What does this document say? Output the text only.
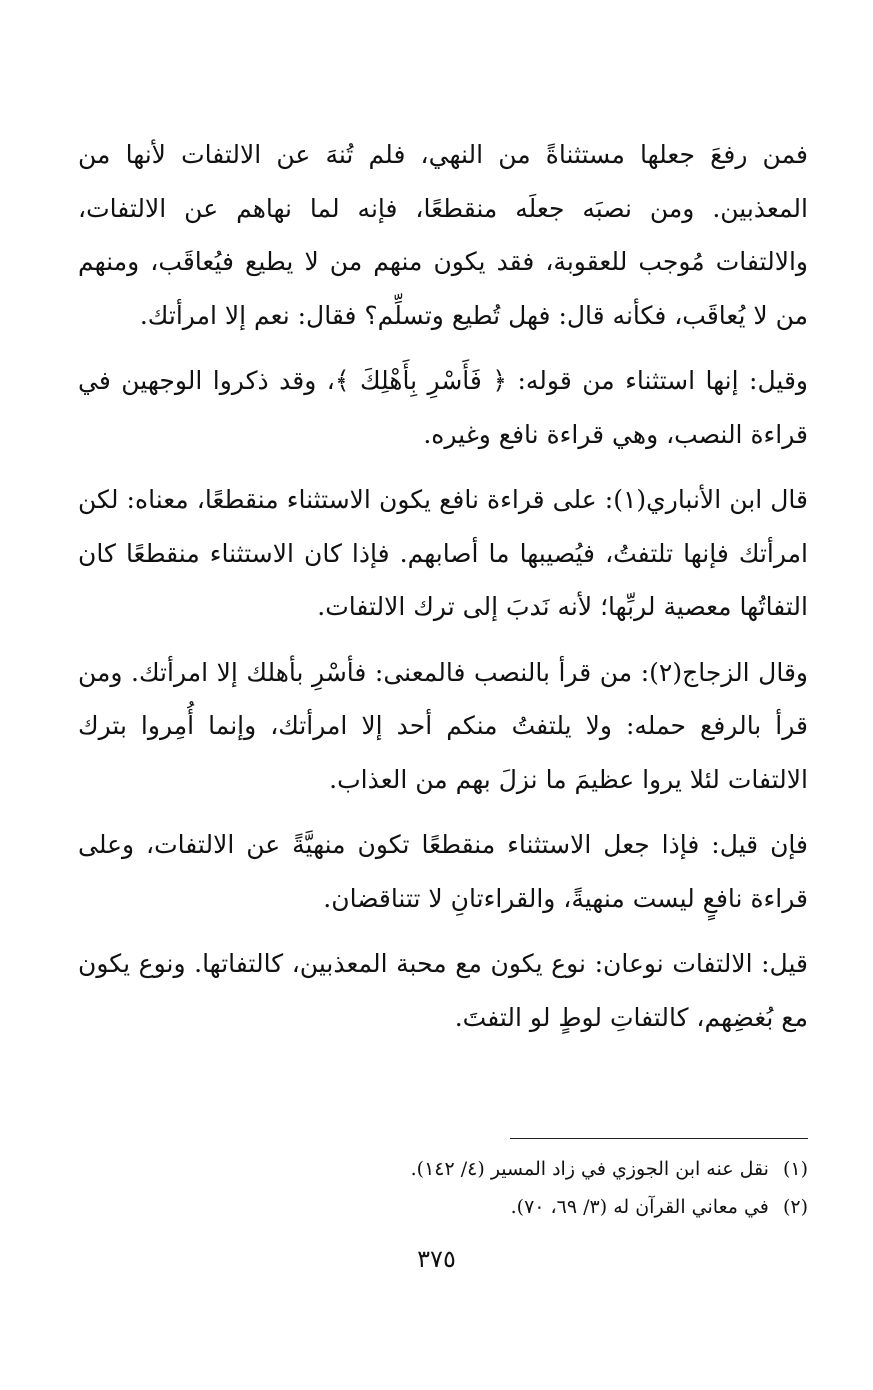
فمن رفعَ جعلها مستثناةً من النهي، فلم تُنهَ عن الالتفات لأنها من المعذبين. ومن نصبَه جعلَه منقطعًا، فإنه لما نهاهم عن الالتفات، والالتفات مُوجب للعقوبة، فقد يكون منهم من لا يطيع فيُعاقَب، ومنهم من لا يُعاقَب، فكأنه قال: فهل تُطيع وتسلِّم؟ فقال: نعم إلا امرأتك.

وقيل: إنها استثناء من قوله: ﴿ فَأَسْرِ بِأَهْلِكَ ﴾، وقد ذكروا الوجهين في قراءة النصب، وهي قراءة نافع وغيره.

قال ابن الأنباري(١): على قراءة نافع يكون الاستثناء منقطعًا، معناه: لكن امرأتك فإنها تلتفتُ، فيُصيبها ما أصابهم. فإذا كان الاستثناء منقطعًا كان التفاتُها معصية لربِّها؛ لأنه نَدبَ إلى ترك الالتفات.

وقال الزجاج(٢): من قرأ بالنصب فالمعنى: فأسْرِ بأهلك إلا امرأتك. ومن قرأ بالرفع حمله: ولا يلتفتُ منكم أحد إلا امرأتك، وإنما أُمِروا بترك الالتفات لئلا يروا عظيمَ ما نزلَ بهم من العذاب.

فإن قيل: فإذا جعل الاستثناء منقطعًا تكون منهيَّةً عن الالتفات، وعلى قراءة نافعٍ ليست منهيةً، والقراءتانِ لا تتناقضان.

قيل: الالتفات نوعان: نوع يكون مع محبة المعذبين، كالتفاتها. ونوع يكون مع بُغضِهم، كالتفاتِ لوطٍ لو التفتَ.

(١) نقل عنه ابن الجوزي في زاد المسير (٤/ ١٤٢).

(٢) في معاني القرآن له (٣/ ٦٩، ٧٠).

٣٧٥
